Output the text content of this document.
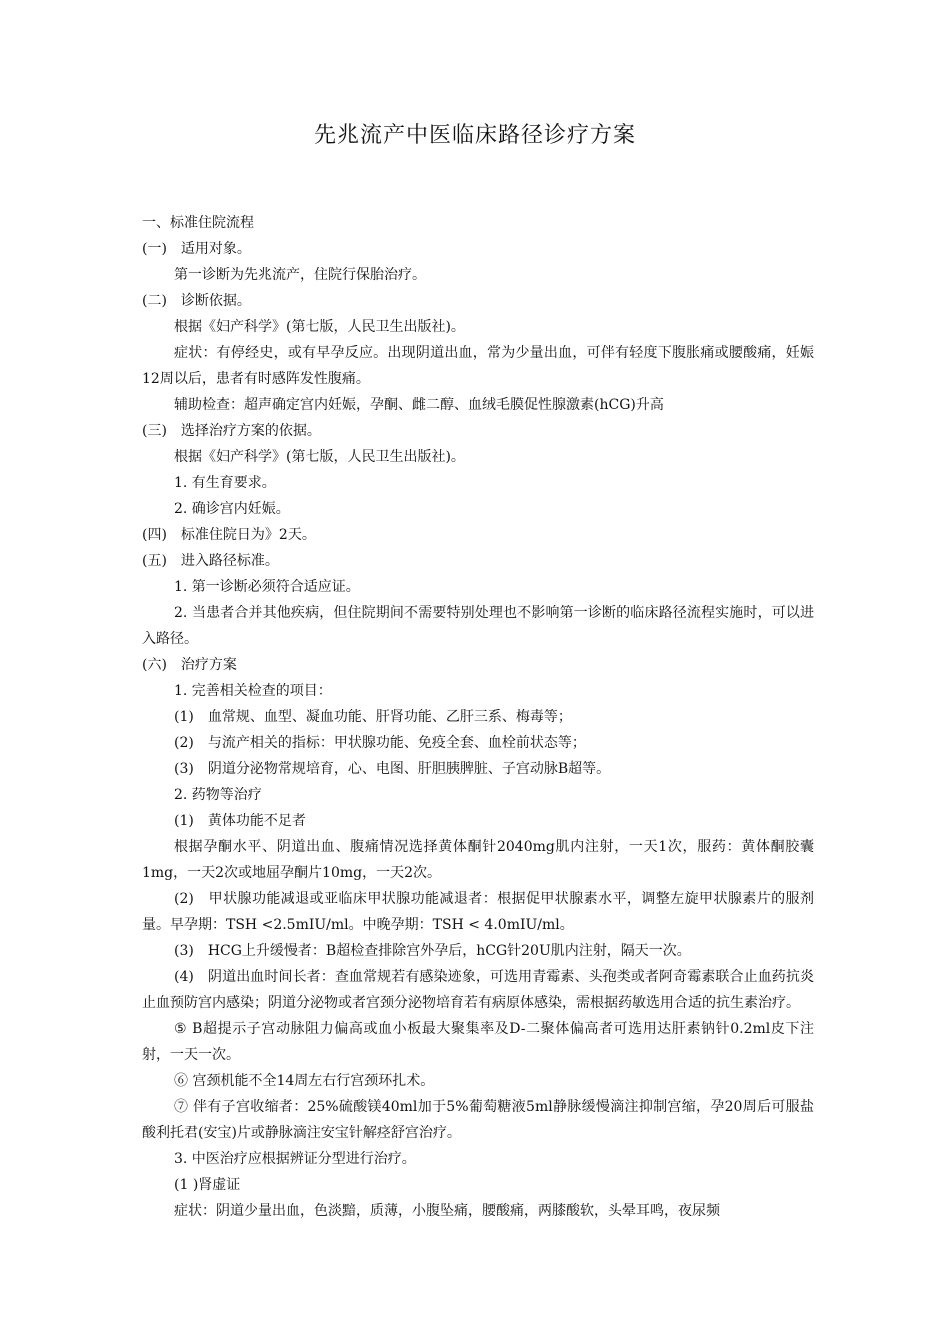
先兆流产中医临床路径诊疗方案
一、标准住院流程
(一)　适用对象。
第一诊断为先兆流产，住院行保胎治疗。
(二)　诊断依据。
根据《妇产科学》(第七版，人民卫生出版社)。

症状：有停经史，或有早孕反应。出现阴道出血，常为少量出血，可伴有轻度下腹胀痛或腰酸痛，妊娠12周以后，患者有时感阵发性腹痛。

辅助检查：超声确定宫内妊娠，孕酮、雌二醇、血绒毛膜促性腺激素(hCG)升高
(三)　选择治疗方案的依据。
根据《妇产科学》(第七版，人民卫生出版社)。
1. 有生育要求。
2. 确诊宫内妊娠。
(四)　标准住院日为》2天。
(五)　进入路径标准。
1. 第一诊断必须符合适应证。

2. 当患者合并其他疾病，但住院期间不需要特别处理也不影响第一诊断的临床路径流程实施时，可以进入路径。

(六)　治疗方案
1. 完善相关检查的项目：
(1)　血常规、血型、凝血功能、肝肾功能、乙肝三系、梅毒等；
(2)　与流产相关的指标：甲状腺功能、免疫全套、血栓前状态等；
(3)　阴道分泌物常规培育，心、电图、肝胆胰脾脏、子宫动脉B超等。
2. 药物等治疗
(1)　黄体功能不足者

根据孕酮水平、阴道出血、腹痛情况选择黄体酮针2040mg肌内注射，一天1次，服药：黄体酮胶囊1mg，一天2次或地屈孕酮片10mg，一天2次。

(2)　甲状腺功能减退或亚临床甲状腺功能减退者：根据促甲状腺素水平，调整左旋甲状腺素片的服剂量。早孕期：TSH <2.5mIU/ml。中晚孕期：TSH < 4.0mIU/ml。

(3)　HCG上升缓慢者：B超检查排除宫外孕后，hCG针20U肌内注射，隔天一次。

(4)　阴道出血时间长者：查血常规若有感染迹象，可选用青霉素、头孢类或者阿奇霉素联合止血药抗炎止血预防宫内感染；阴道分泌物或者宫颈分泌物培育若有病原体感染，需根据药敏选用合适的抗生素治疗。

⑤ B超提示子宫动脉阻力偏高或血小板最大聚集率及D-二聚体偏高者可选用达肝素钠针0.2ml皮下注射，一天一次。

⑥ 宫颈机能不全14周左右行宫颈环扎术。

⑦ 伴有子宫收缩者：25%硫酸镁40ml加于5%葡萄糖液5ml静脉缓慢滴注抑制宫缩，孕20周后可服盐酸利托君(安宝)片或静脉滴注安宝针解痉舒宫治疗。

3. 中医治疗应根据辨证分型进行治疗。
(1 )肾虚证
症状：阴道少量出血，色淡黯，质薄，小腹坠痛，腰酸痛，两膝酸软，头晕耳鸣，夜尿频
